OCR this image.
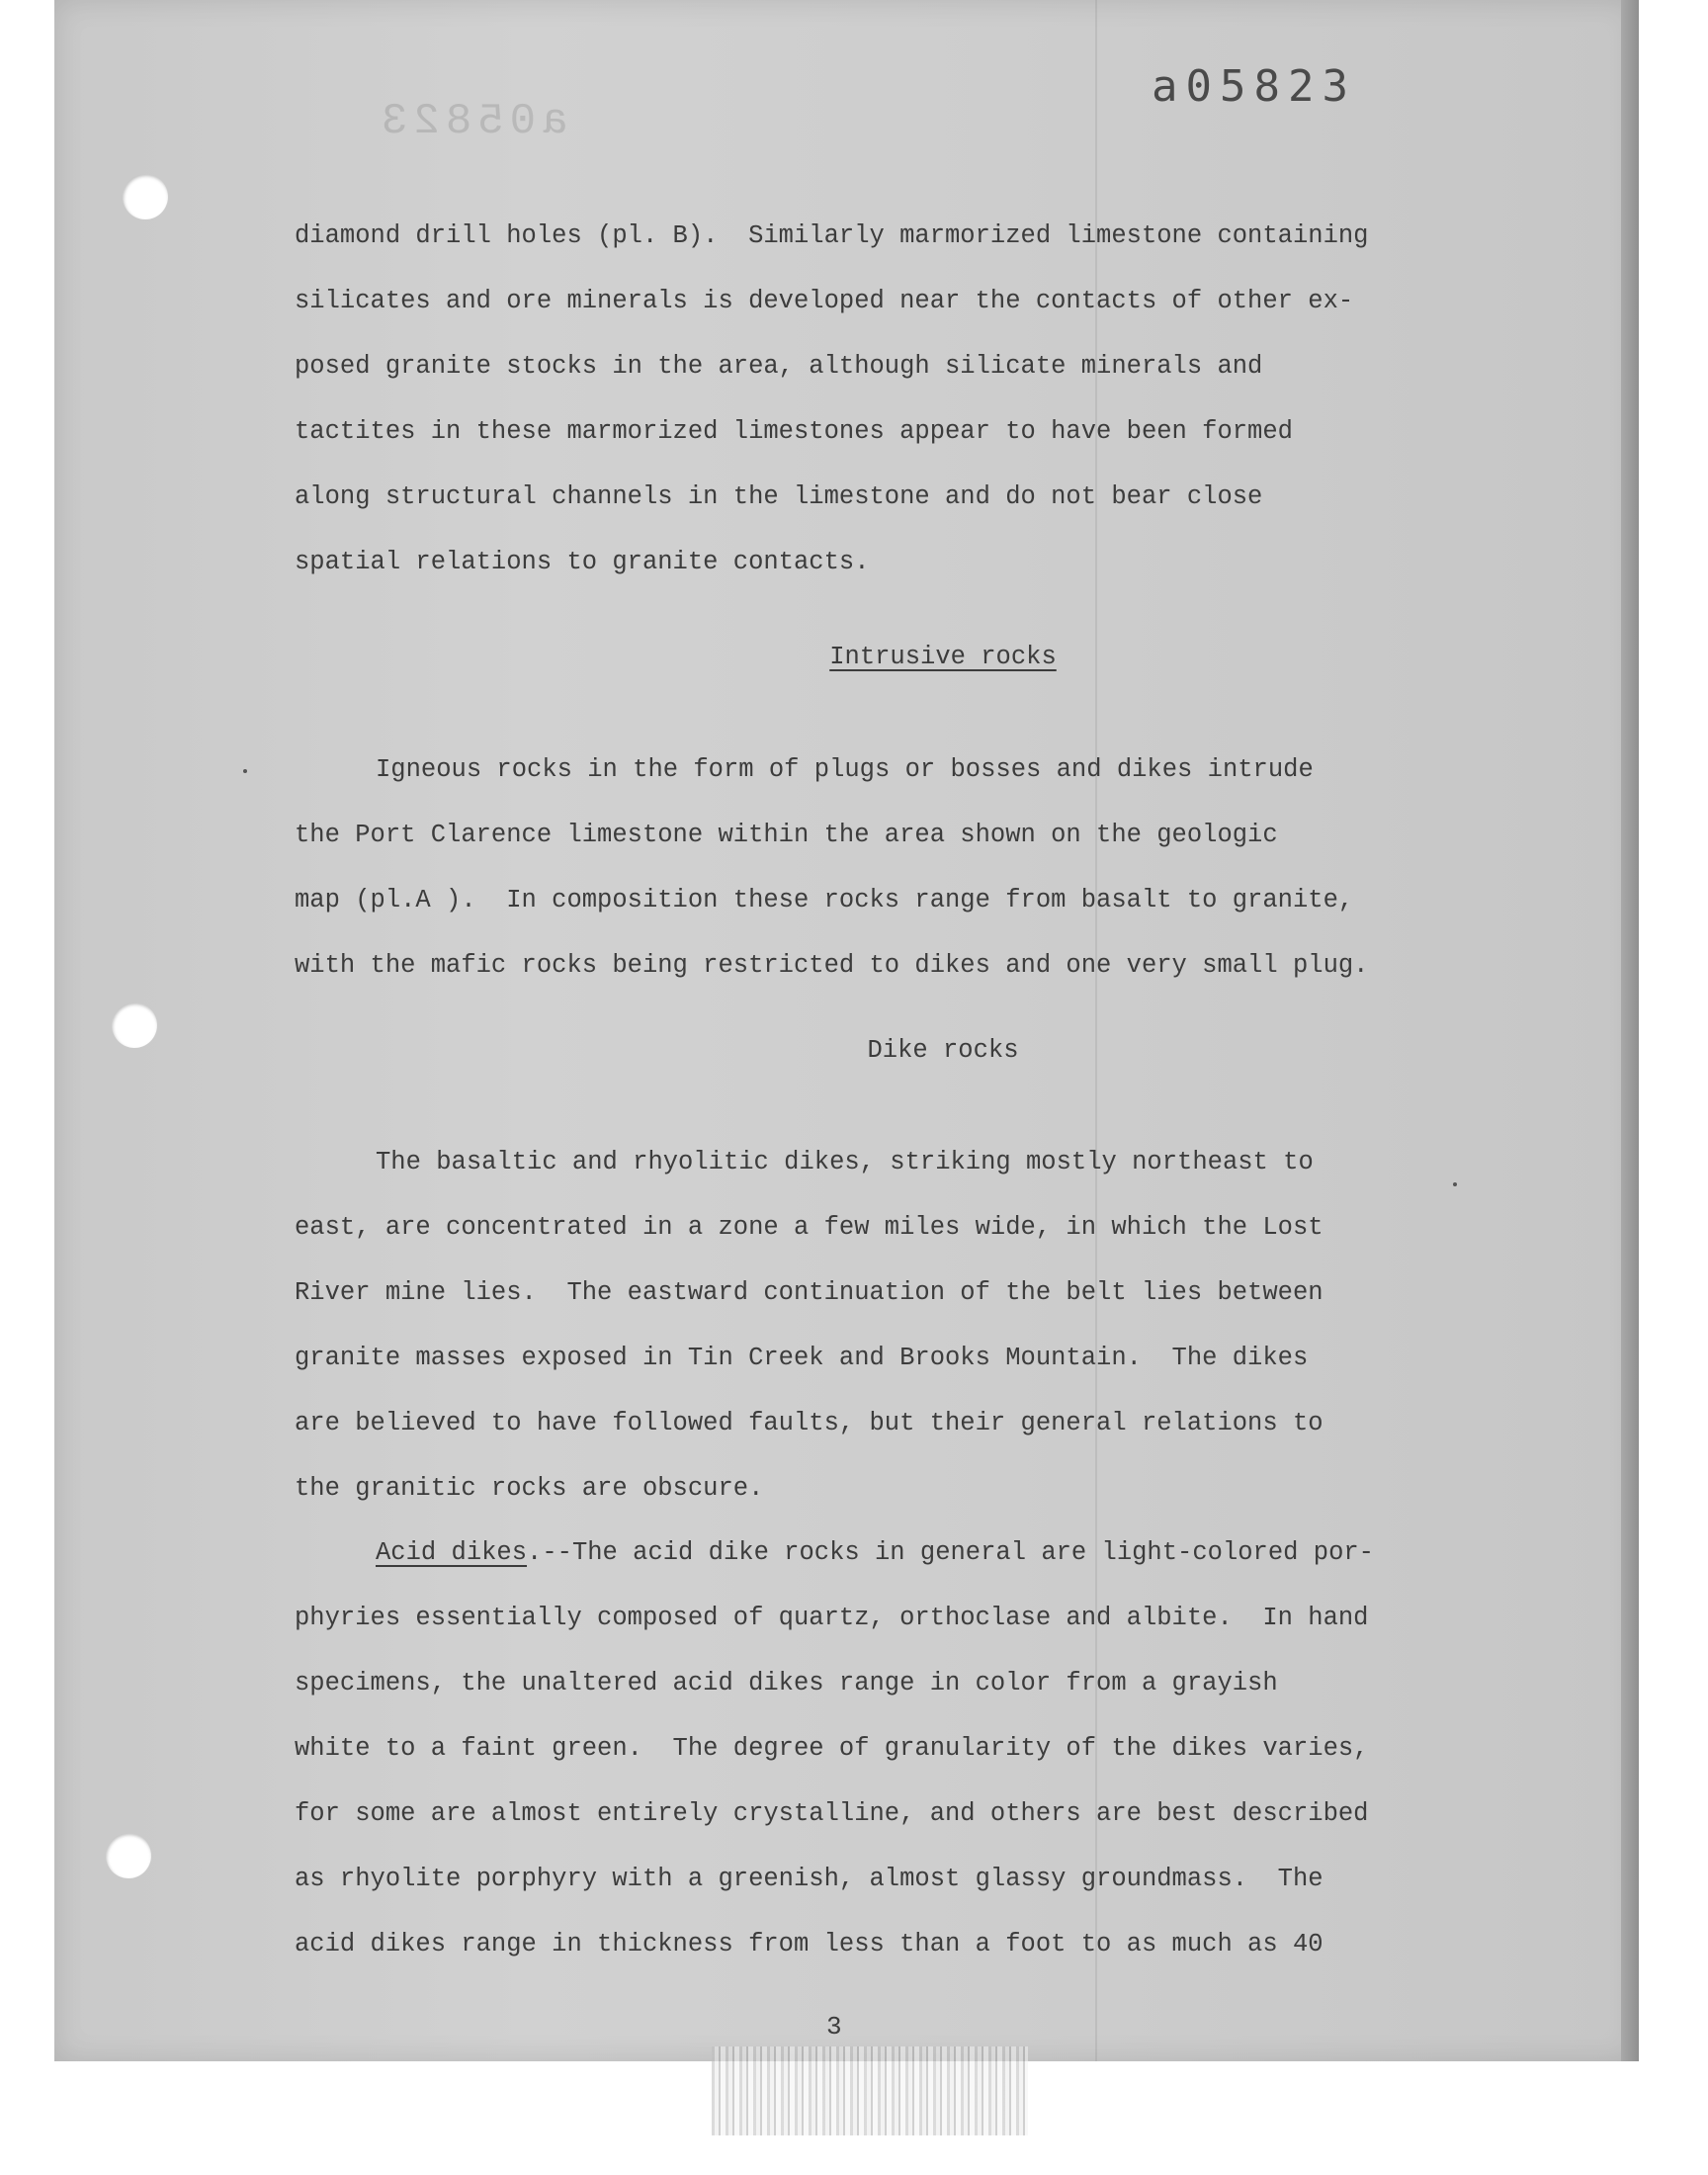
a05823
a05823
diamond drill holes (pl. B).  Similarly marmorized limestone containing
silicates and ore minerals is developed near the contacts of other ex-
posed granite stocks in the area, although silicate minerals and
tactites in these marmorized limestones appear to have been formed
along structural channels in the limestone and do not bear close
spatial relations to granite contacts.
Intrusive rocks
Igneous rocks in the form of plugs or bosses and dikes intrude
the Port Clarence limestone within the area shown on the geologic
map (pl.A ).  In composition these rocks range from basalt to granite,
with the mafic rocks being restricted to dikes and one very small plug.
Dike rocks
The basaltic and rhyolitic dikes, striking mostly northeast to
east, are concentrated in a zone a few miles wide, in which the Lost
River mine lies.  The eastward continuation of the belt lies between
granite masses exposed in Tin Creek and Brooks Mountain.  The dikes
are believed to have followed faults, but their general relations to
the granitic rocks are obscure.
Acid dikes.--The acid dike rocks in general are light-colored por-
phyries essentially composed of quartz, orthoclase and albite.  In hand
specimens, the unaltered acid dikes range in color from a grayish
white to a faint green.  The degree of granularity of the dikes varies,
for some are almost entirely crystalline, and others are best described
as rhyolite porphyry with a greenish, almost glassy groundmass.  The
acid dikes range in thickness from less than a foot to as much as 40
3
